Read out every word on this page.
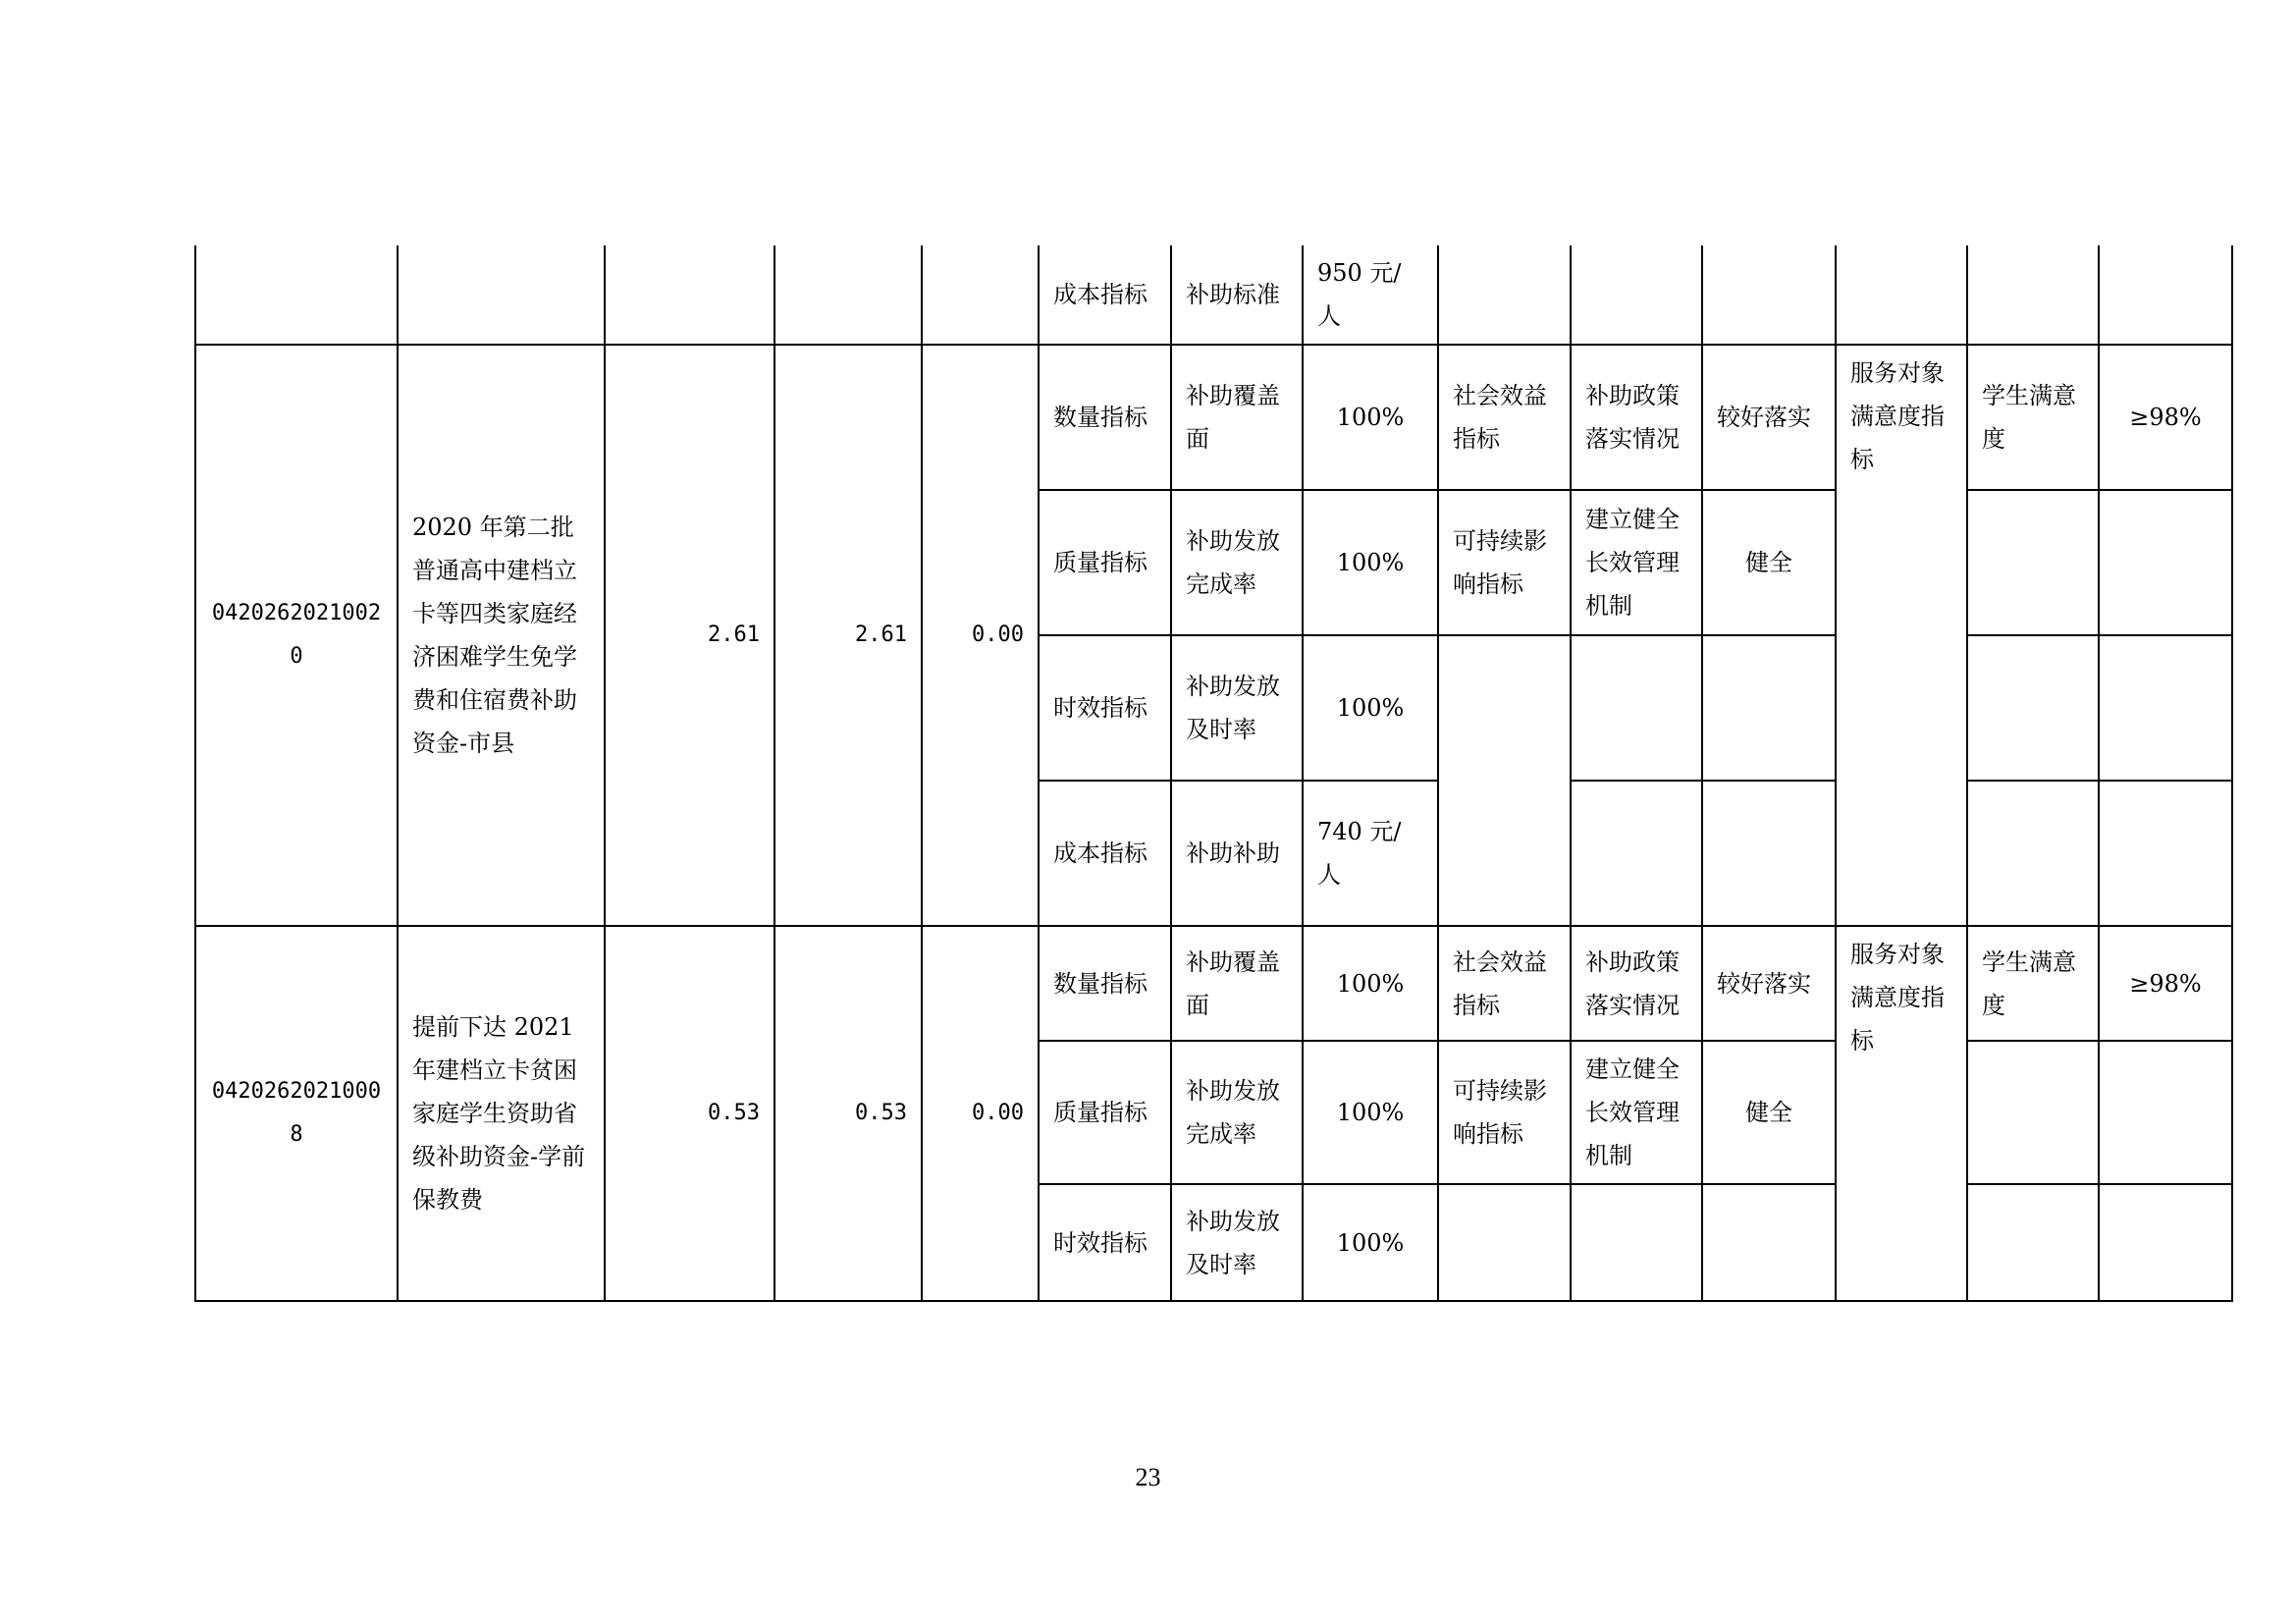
					成本指标	补助标准	950 元/人						
04202620210020	2020 年第二批普通高中建档立卡等四类家庭经济困难学生免学费和住宿费补助资金-市县	2.61	2.61	0.00	数量指标	补助覆盖面	100%	社会效益指标	补助政策落实情况	较好落实	服务对象满意度指标	学生满意度	≥98%
					质量指标	补助发放完成率	100%	可持续影响指标	建立健全长效管理机制	健全			
					时效指标	补助发放及时率	100%						
					成本指标	补助补助	740 元/人						
04202620210008	提前下达 2021 年建档立卡贫困家庭学生资助省级补助资金-学前保教费	0.53	0.53	0.00	数量指标	补助覆盖面	100%	社会效益指标	补助政策落实情况	较好落实	服务对象满意度指标	学生满意度	≥98%
					质量指标	补助发放完成率	100%	可持续影响指标	建立健全长效管理机制	健全			
					时效指标	补助发放及时率	100%						
23
